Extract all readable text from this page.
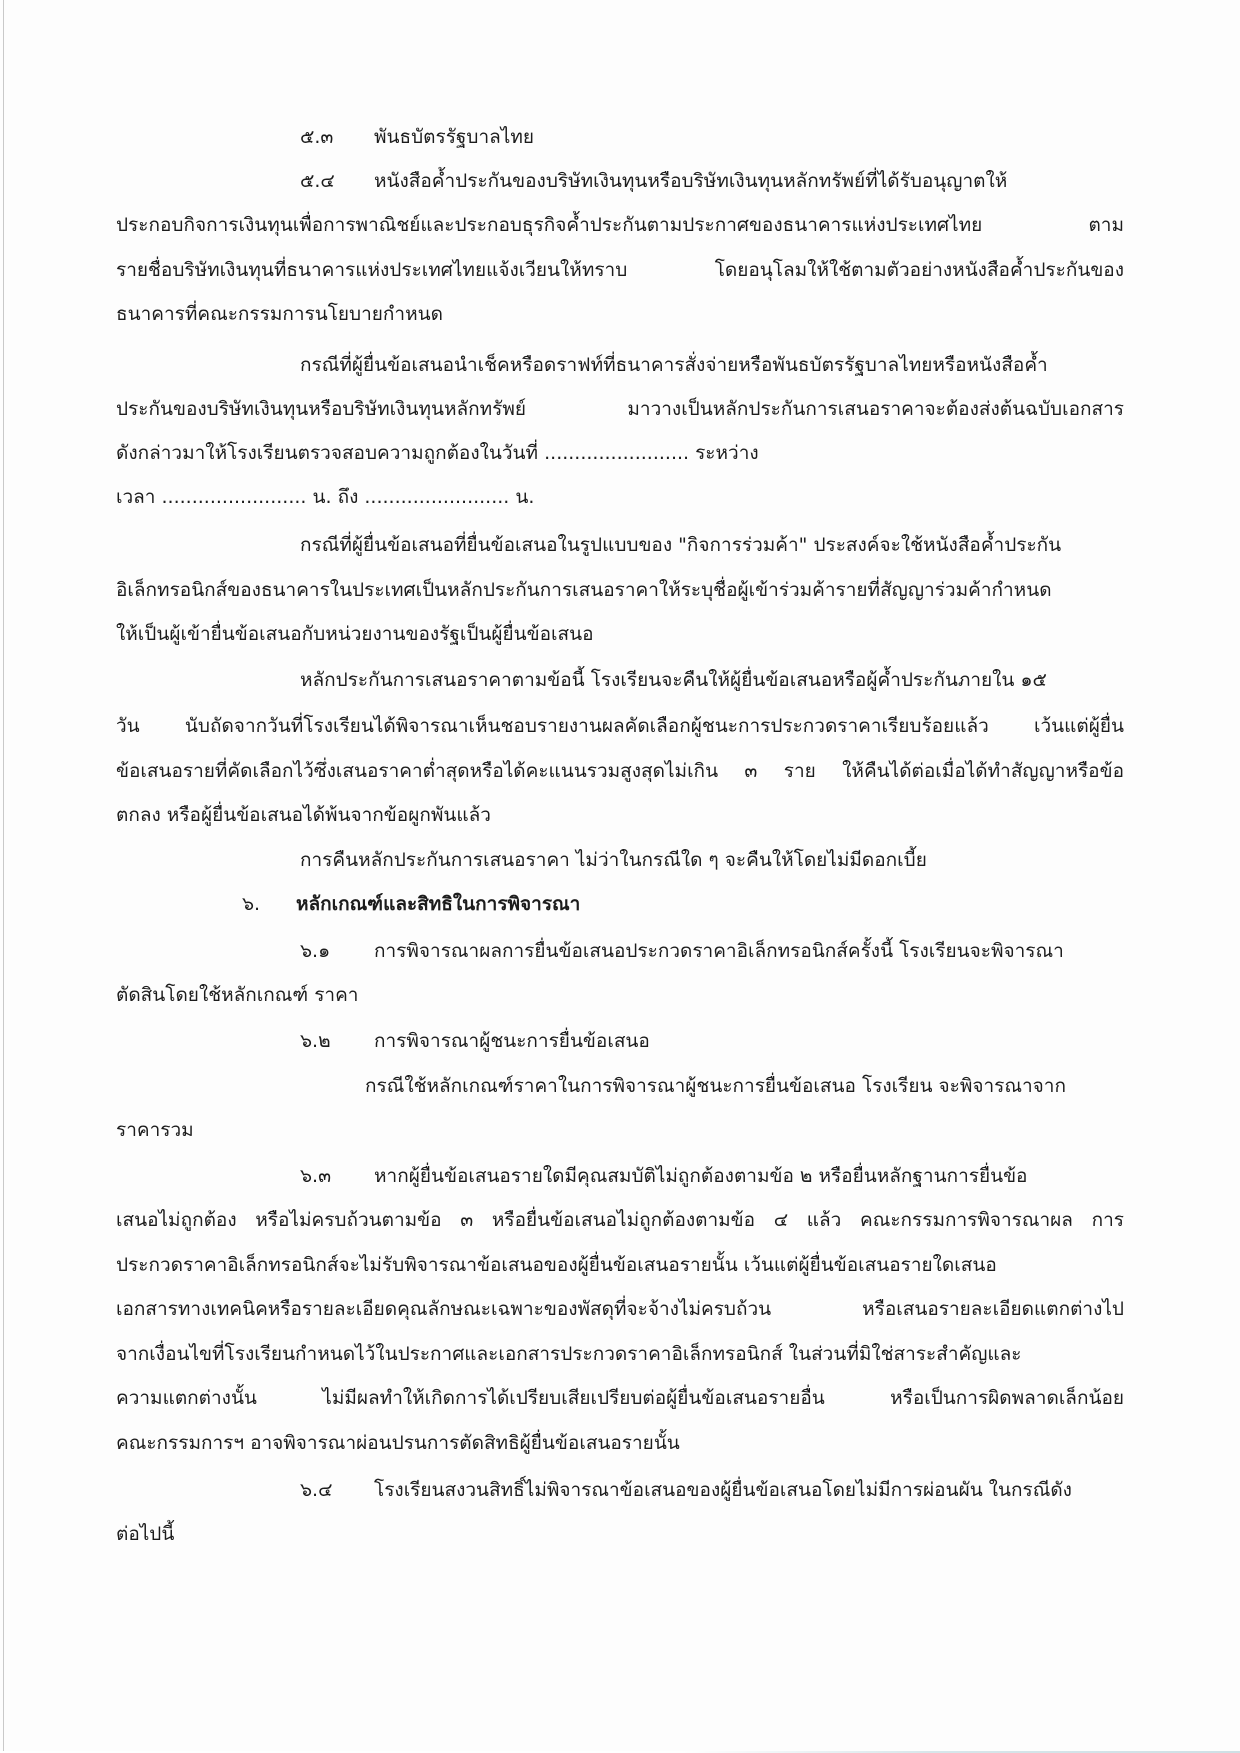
๕.๓ พันธบัตรรัฐบาลไทย
๕.๔ หนังสือค้ำประกันของบริษัทเงินทุนหรือบริษัทเงินทุนหลักทรัพย์ที่ได้รับอนุญาตให้
ประกอบกิจการเงินทุนเพื่อการพาณิชย์และประกอบธุรกิจค้ำประกันตามประกาศของธนาคารแห่งประเทศไทย ตาม
รายชื่อบริษัทเงินทุนที่ธนาคารแห่งประเทศไทยแจ้งเวียนให้ทราบ โดยอนุโลมให้ใช้ตามตัวอย่างหนังสือค้ำประกันของ
ธนาคารที่คณะกรรมการนโยบายกำหนด
กรณีที่ผู้ยื่นข้อเสนอนำเช็คหรือดราฟท์ที่ธนาคารสั่งจ่ายหรือพันธบัตรรัฐบาลไทยหรือหนังสือค้ำ
ประกันของบริษัทเงินทุนหรือบริษัทเงินทุนหลักทรัพย์ มาวางเป็นหลักประกันการเสนอราคาจะต้องส่งต้นฉบับเอกสาร
ดังกล่าวมาให้โรงเรียนตรวจสอบความถูกต้องในวันที่ ........................ ระหว่าง
เวลา ........................ น. ถึง ........................ น.
กรณีที่ผู้ยื่นข้อเสนอที่ยื่นข้อเสนอในรูปแบบของ "กิจการร่วมค้า" ประสงค์จะใช้หนังสือค้ำประกัน
อิเล็กทรอนิกส์ของธนาคารในประเทศเป็นหลักประกันการเสนอราคาให้ระบุชื่อผู้เข้าร่วมค้ารายที่สัญญาร่วมค้ากำหนด
ให้เป็นผู้เข้ายื่นข้อเสนอกับหน่วยงานของรัฐเป็นผู้ยื่นข้อเสนอ
หลักประกันการเสนอราคาตามข้อนี้ โรงเรียนจะคืนให้ผู้ยื่นข้อเสนอหรือผู้ค้ำประกันภายใน ๑๕
วัน นับถัดจากวันที่โรงเรียนได้พิจารณาเห็นชอบรายงานผลคัดเลือกผู้ชนะการประกวดราคาเรียบร้อยแล้ว เว้นแต่ผู้ยื่น
ข้อเสนอรายที่คัดเลือกไว้ซึ่งเสนอราคาต่ำสุดหรือได้คะแนนรวมสูงสุดไม่เกิน ๓ ราย ให้คืนได้ต่อเมื่อได้ทำสัญญาหรือข้อ
ตกลง หรือผู้ยื่นข้อเสนอได้พ้นจากข้อผูกพันแล้ว
การคืนหลักประกันการเสนอราคา ไม่ว่าในกรณีใด ๆ จะคืนให้โดยไม่มีดอกเบี้ย
๖. หลักเกณฑ์และสิทธิในการพิจารณา
๖.๑ การพิจารณาผลการยื่นข้อเสนอประกวดราคาอิเล็กทรอนิกส์ครั้งนี้ โรงเรียนจะพิจารณา
ตัดสินโดยใช้หลักเกณฑ์ ราคา
๖.๒ การพิจารณาผู้ชนะการยื่นข้อเสนอ
กรณีใช้หลักเกณฑ์ราคาในการพิจารณาผู้ชนะการยื่นข้อเสนอ โรงเรียน จะพิจารณาจาก
ราคารวม
๖.๓ หากผู้ยื่นข้อเสนอรายใดมีคุณสมบัติไม่ถูกต้องตามข้อ ๒ หรือยื่นหลักฐานการยื่นข้อ
เสนอไม่ถูกต้อง หรือไม่ครบถ้วนตามข้อ ๓ หรือยื่นข้อเสนอไม่ถูกต้องตามข้อ ๔ แล้ว คณะกรรมการพิจารณาผล การ
ประกวดราคาอิเล็กทรอนิกส์จะไม่รับพิจารณาข้อเสนอของผู้ยื่นข้อเสนอรายนั้น เว้นแต่ผู้ยื่นข้อเสนอรายใดเสนอ
เอกสารทางเทคนิคหรือรายละเอียดคุณลักษณะเฉพาะของพัสดุที่จะจ้างไม่ครบถ้วน หรือเสนอรายละเอียดแตกต่างไป
จากเงื่อนไขที่โรงเรียนกำหนดไว้ในประกาศและเอกสารประกวดราคาอิเล็กทรอนิกส์ ในส่วนที่มิใช่สาระสำคัญและ
ความแตกต่างนั้น ไม่มีผลทำให้เกิดการได้เปรียบเสียเปรียบต่อผู้ยื่นข้อเสนอรายอื่น หรือเป็นการผิดพลาดเล็กน้อย
คณะกรรมการฯ อาจพิจารณาผ่อนปรนการตัดสิทธิผู้ยื่นข้อเสนอรายนั้น
๖.๔ โรงเรียนสงวนสิทธิ์ไม่พิจารณาข้อเสนอของผู้ยื่นข้อเสนอโดยไม่มีการผ่อนผัน ในกรณีดัง
ต่อไปนี้
